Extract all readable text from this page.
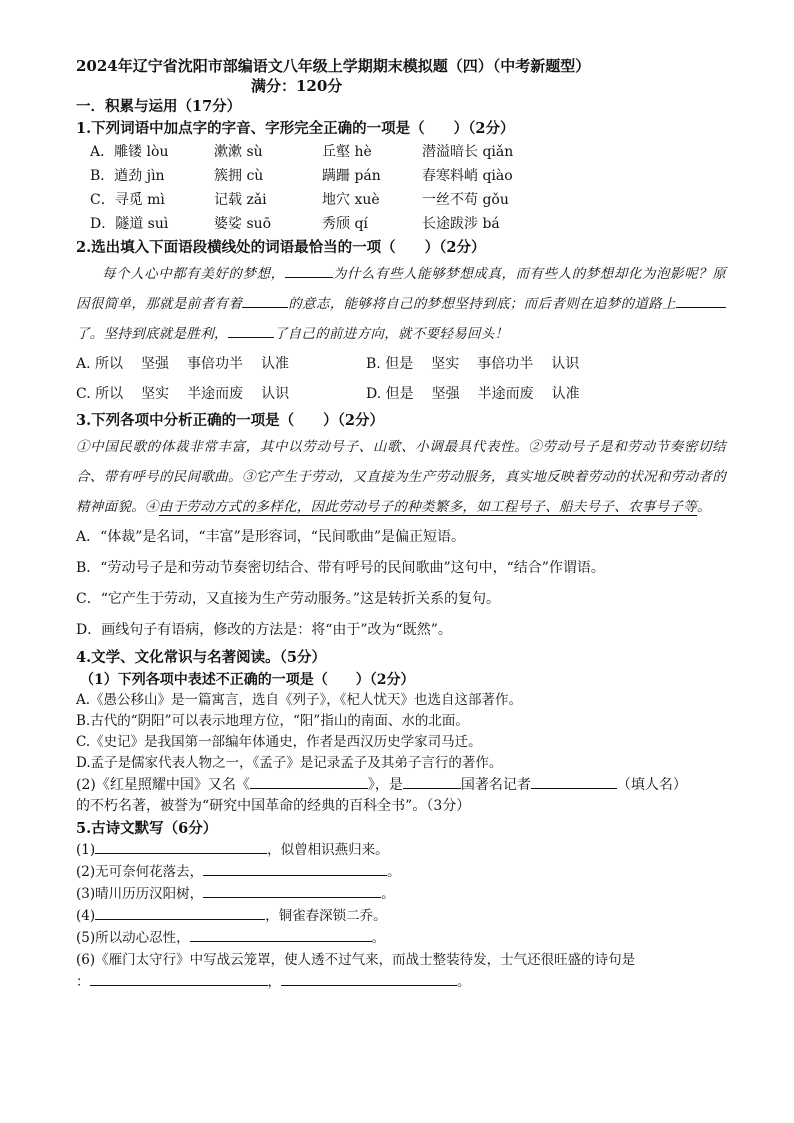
2024年辽宁省沈阳市部编语文八年级上学期期末模拟题（四）（中考新题型）
满分：120分
一．积累与运用（17分）
1.下列词语中加点字的字音、字形完全正确的一项是（　　）（2分）
A．雕镂 lòu	漱漱 sù	丘壑 hè	潜溢暗长 qiǎn
B．遒劲 jìn	簇拥 cù	蹒跚 pán	春寒料峭 qiào
C．寻觅 mì	记载 zǎi	地穴 xuè	一丝不苟 gǒu
D．隧道 suì	婆娑 suō	秀颀 qí	长途跋涉 bá
2.选出填入下面语段横线处的词语最恰当的一项（　　）（2分）
每个人心中都有美好的梦想，	为什么有些人能够梦想成真，而有些人的梦想却化为泡影呢？原因很简单，那就是前者有着	的意志，能够将自己的梦想坚持到底；而后者则在追梦的道路上了。坚持到底就是胜利，	了自己的前进方向，就不要轻易回头！
A. 所以 坚强 事倍功半 认准	B. 但是 坚实 事倍功半 认识
C. 所以 坚实 半途而废 认识	D. 但是 坚强 半途而废 认准
3.下列各项中分析正确的一项是（　　）（2分）
①中国民歌的体裁非常丰富，其中以劳动号子、山歌、小调最具代表性。②劳动号子是和劳动节奏密切结合、带有呼号的民间歌曲。③它产生于劳动，又直接为生产劳动服务，真实地反映着劳动的状况和劳动者的精神面貌。④由于劳动方式的多样化，因此劳动号子的种类繁多，如工程号子、船夫号子、农事号子等。
A．“体裁”是名词，“丰富”是形容词，“民间歌曲”是偏正短语。
B．“劳动号子是和劳动节奏密切结合、带有呼号的民间歌曲”这句中，“结合”作谓语。
C．“它产生于劳动，又直接为生产劳动服务。”这是转折关系的复句。
D．画线句子有语病，修改的方法是：将“由于”改为“既然”。
4.文学、文化常识与名著阅读。（5分）
（1）下列各项中表述不正确的一项是（　　）（2分）
A.《愚公移山》是一篇寓言，选自《列子》，《杞人忧天》也选自这部著作。
B.古代的“阴阳”可以表示地理方位，“阳”指山的南面、水的北面。
C.《史记》是我国第一部编年体通史，作者是西汉历史学家司马迁。
D.孟子是儒家代表人物之一，《孟子》是记录孟子及其弟子言行的著作。
(2)《红星照耀中国》又名《	》，是	国著名记者	（填人名）
的不朽名著，被誉为“研究中国革命的经典的百科全书”。（3分）
5.古诗文默写（6分）
(1)	，似曾相识燕归来。
(2)无可奈何花落去，	。
(3)晴川历历汉阳树，	。
(4)	，铜雀春深锁二乔。
(5)所以动心忍性，	。
(6)《雁门太守行》中写战云笼罩，使人透不过气来，而战士整装待发，士气还很旺盛的诗句是
：	，	。
